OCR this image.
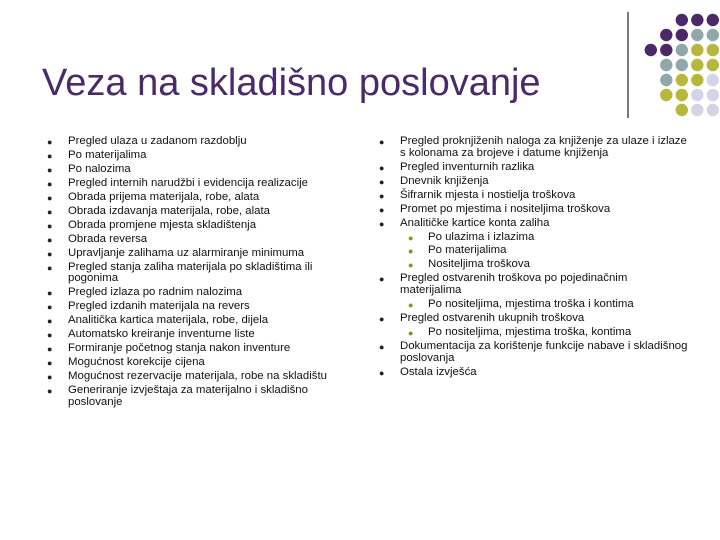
Veza na skladišno poslovanje
● Pregled ulaza u zadanom razdoblju
● Po materijalima
● Po nalozima
● Pregled internih narudžbi i evidencija realizacije
● Obrada prijema materijala, robe, alata
● Obrada izdavanja materijala, robe, alata
● Obrada promjene mjesta skladištenja
● Obrada reversa
● Upravljanje zalihama uz alarmiranje minimuma
● Pregled stanja zaliha materijala po skladištima ili pogonima
● Pregled izlaza po radnim nalozima
● Pregled izdanih materijala na revers
● Analitička kartica materijala, robe, dijela
● Automatsko kreiranje inventurne liste
● Formiranje početnog stanja nakon inventure
● Mogućnost korekcije cijena
● Mogućnost rezervacije materijala, robe na skladištu
● Generiranje izvještaja za materijalno i skladišno poslovanje
● Pregled proknjiženih naloga za knjiženje za ulaze i izlaze s kolonama za brojeve i datume knjiženja
● Pregled inventurnih razlika
● Dnevnik knjiženja
● Šifrarnik mjesta i nostielja troškova
● Promet po mjestima i nositeljima troškova
● Analitičke kartice konta zaliha
● Po ulazima i izlazima
● Po materijalima
● Nositeljima troškova
● Pregled ostvarenih troškova po pojedinačnim materijalima
● Po nositeljima, mjestima troška i kontima
● Pregled ostvarenih ukupnih troškova
● Po nositeljima, mjestima troška, kontima
● Dokumentacija za korištenje funkcije nabave i skladišnog poslovanja
● Ostala izvješća
